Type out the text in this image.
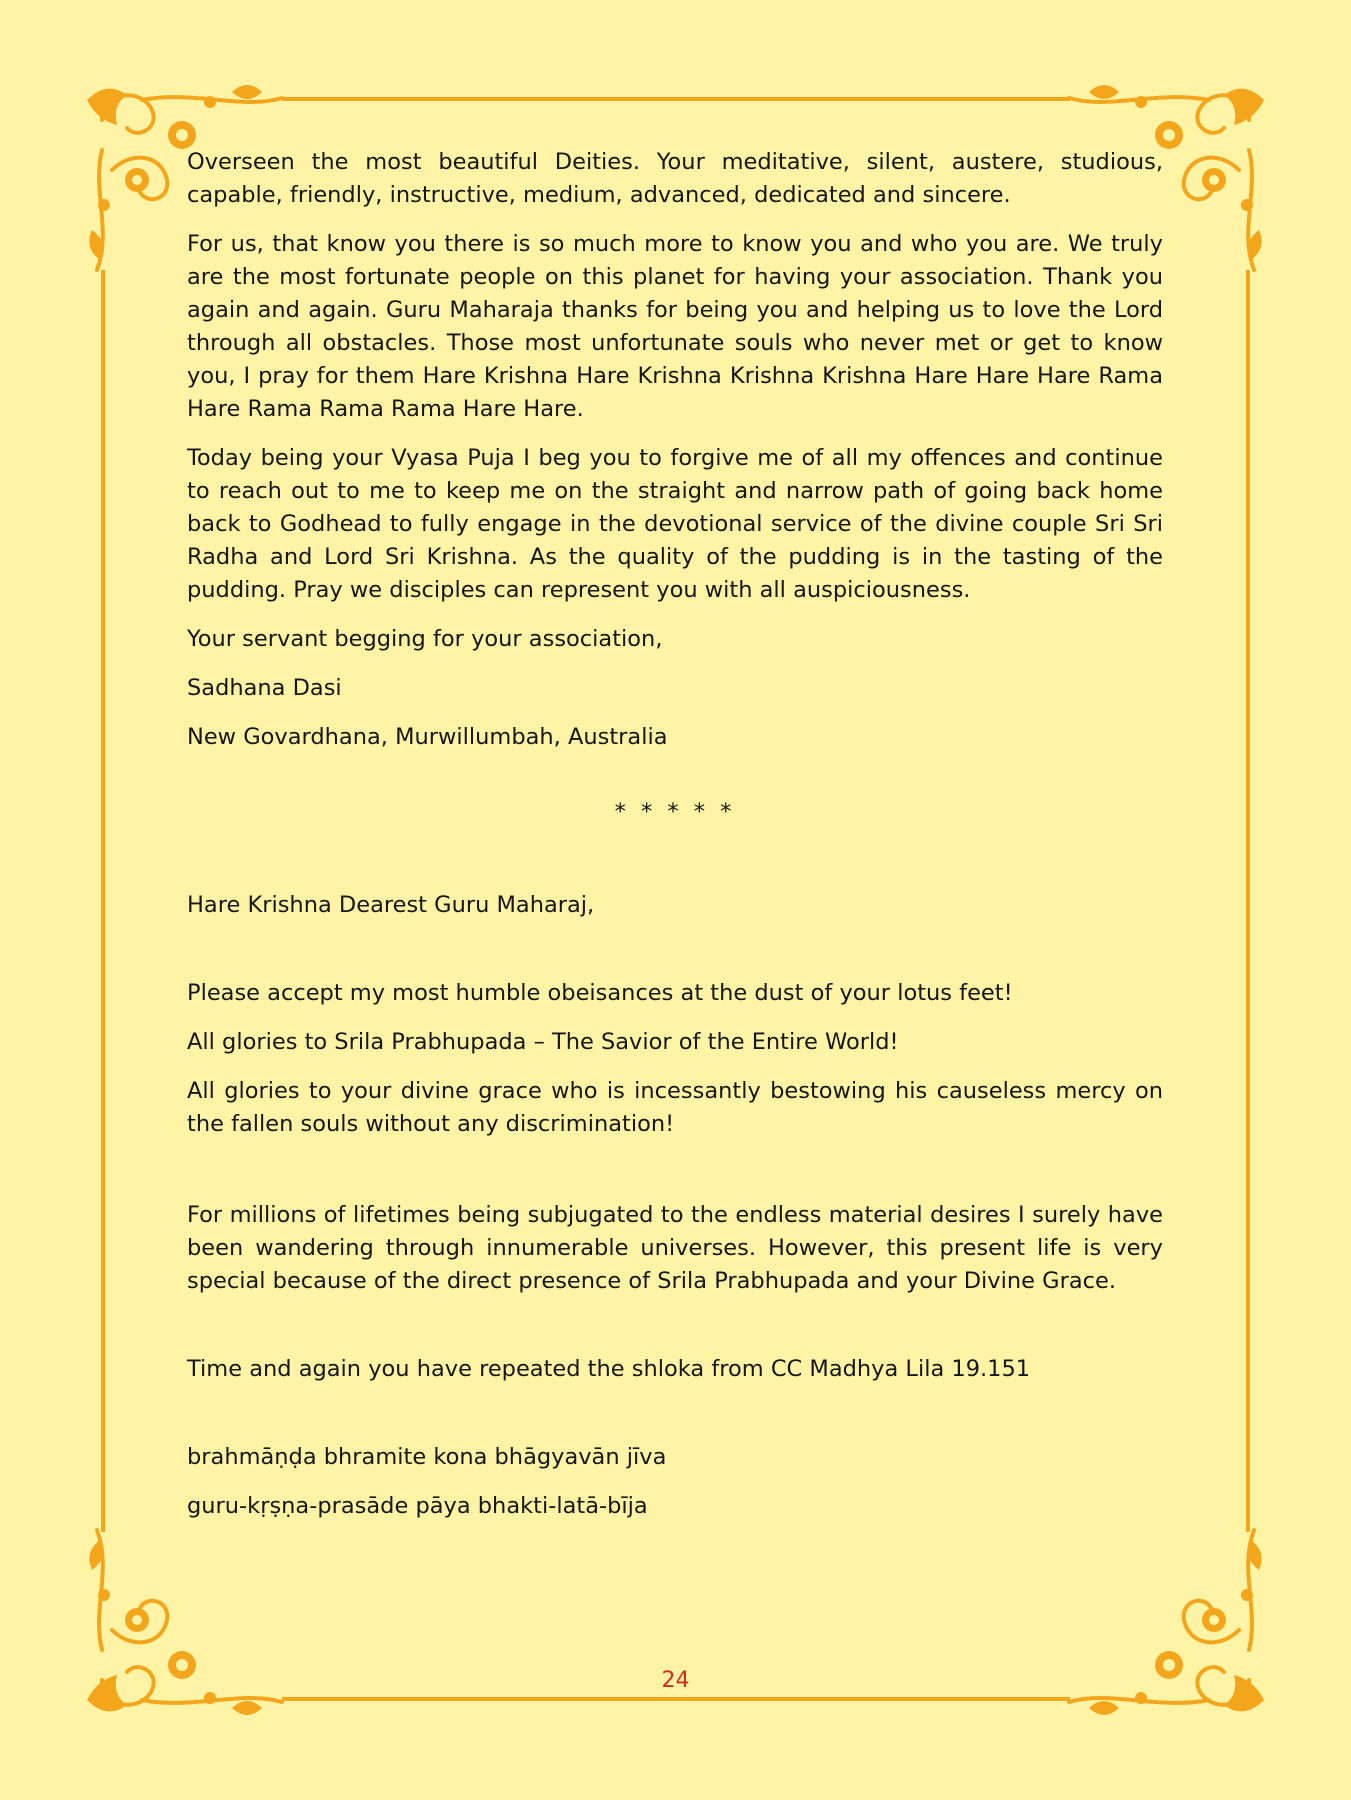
Overseen the most beautiful Deities. Your meditative, silent, austere, studious, capable, friendly, instructive, medium, advanced, dedicated and sincere.

For us, that know you there is so much more to know you and who you are. We truly are the most fortunate people on this planet for having your association. Thank you again and again. Guru Maharaja thanks for being you and helping us to love the Lord through all obstacles. Those most unfortunate souls who never met or get to know you, I pray for them Hare Krishna Hare Krishna Krishna Krishna Hare Hare Hare Rama Hare Rama Rama Rama Hare Hare.

Today being your Vyasa Puja I beg you to forgive me of all my offences and continue to reach out to me to keep me on the straight and narrow path of going back home back to Godhead to fully engage in the devotional service of the divine couple Sri Sri Radha and Lord Sri Krishna. As the quality of the pudding is in the tasting of the pudding. Pray we disciples can represent you with all auspiciousness.

Your servant begging for your association,

Sadhana Dasi

New Govardhana, Murwillumbah, Australia

* * * * *

Hare Krishna Dearest Guru Maharaj,

Please accept my most humble obeisances at the dust of your lotus feet!

All glories to Srila Prabhupada – The Savior of the Entire World!

All glories to your divine grace who is incessantly bestowing his causeless mercy on the fallen souls without any discrimination!

For millions of lifetimes being subjugated to the endless material desires I surely have been wandering through innumerable universes. However, this present life is very special because of the direct presence of Srila Prabhupada and your Divine Grace.

Time and again you have repeated the shloka from CC Madhya Lila 19.151

brahmāṇḍa bhramite kona bhāgyavān jīva

guru-kṛṣṇa-prasāde pāya bhakti-latā-bīja

24
